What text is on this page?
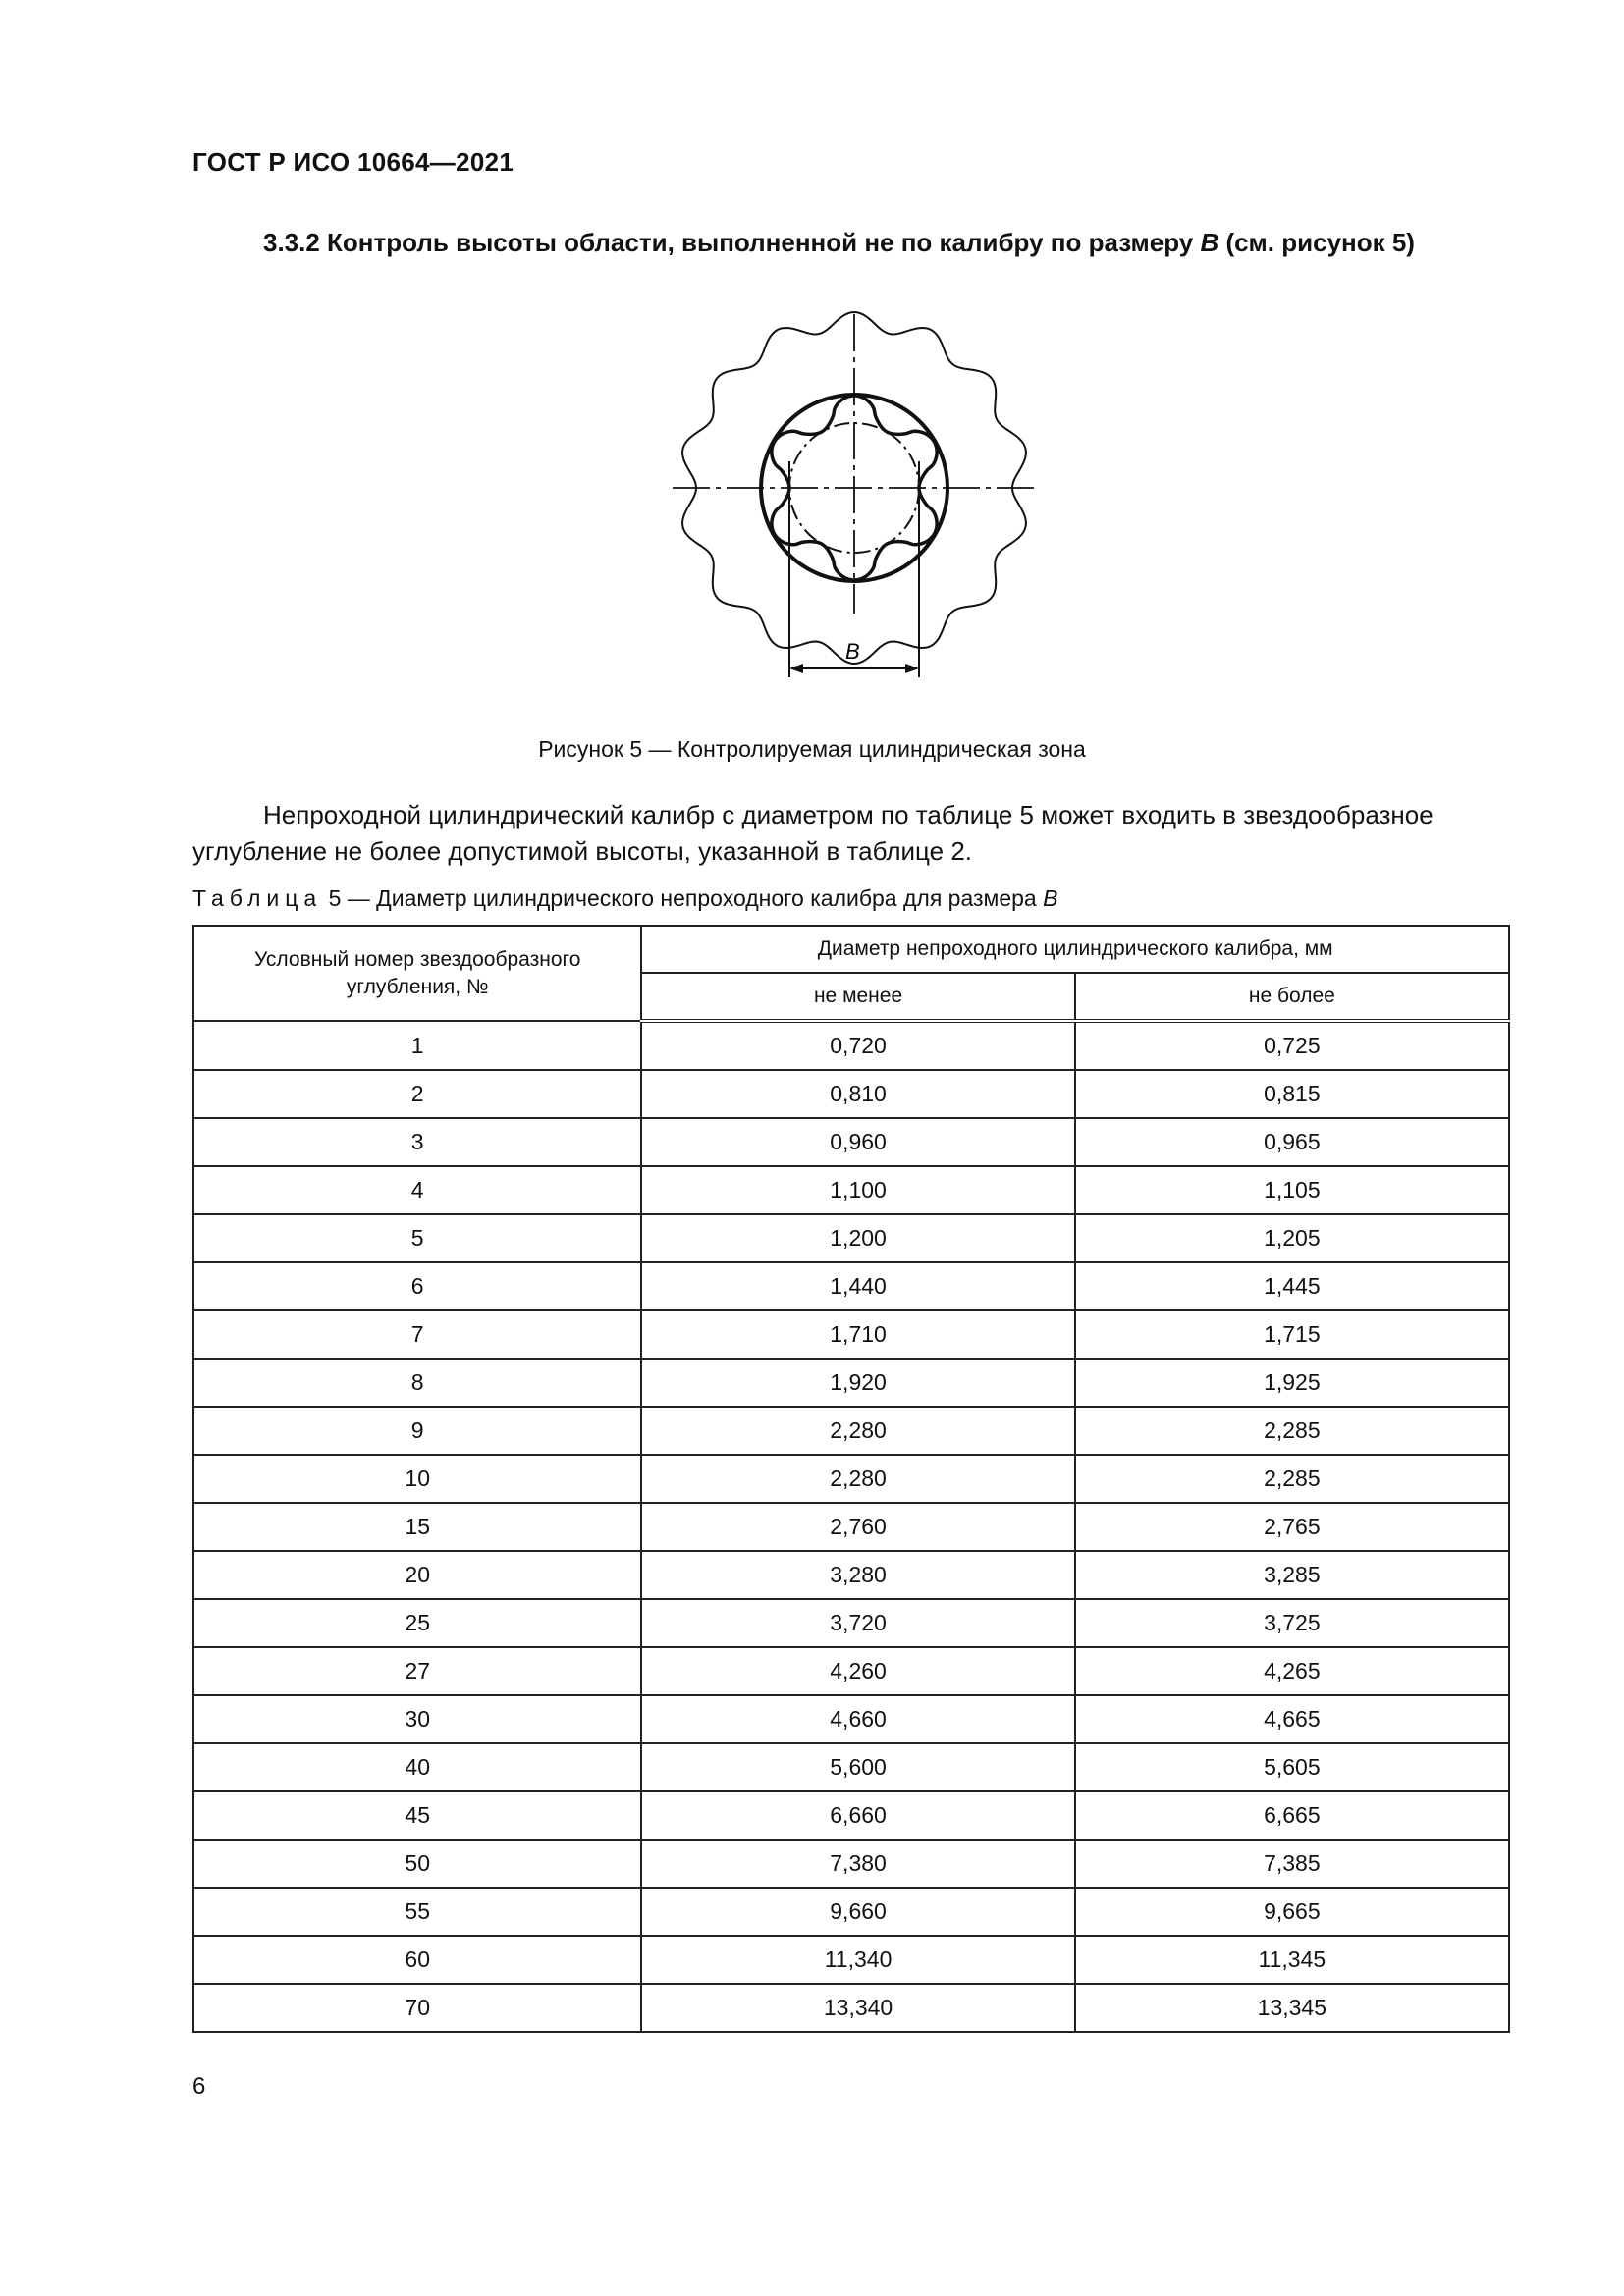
ГОСТ Р ИСО 10664—2021
3.3.2 Контроль высоты области, выполненной не по калибру по размеру B (см. рисунок 5)
B
Рисунок 5 — Контролируемая цилиндрическая зона
Непроходной цилиндрический калибр с диаметром по таблице 5 может входить в звездообразное
углубление не более допустимой высоты, указанной в таблице 2.
Таблица 5 — Диаметр цилиндрического непроходного калибра для размера B
Условный номер звездообразного углубления, №	Диаметр непроходного цилиндрического калибра, мм	
	не менее	не более
1	0,720	0,725
2	0,810	0,815
3	0,960	0,965
4	1,100	1,105
5	1,200	1,205
6	1,440	1,445
7	1,710	1,715
8	1,920	1,925
9	2,280	2,285
10	2,280	2,285
15	2,760	2,765
20	3,280	3,285
25	3,720	3,725
27	4,260	4,265
30	4,660	4,665
40	5,600	5,605
45	6,660	6,665
50	7,380	7,385
55	9,660	9,665
60	11,340	11,345
70	13,340	13,345
6
